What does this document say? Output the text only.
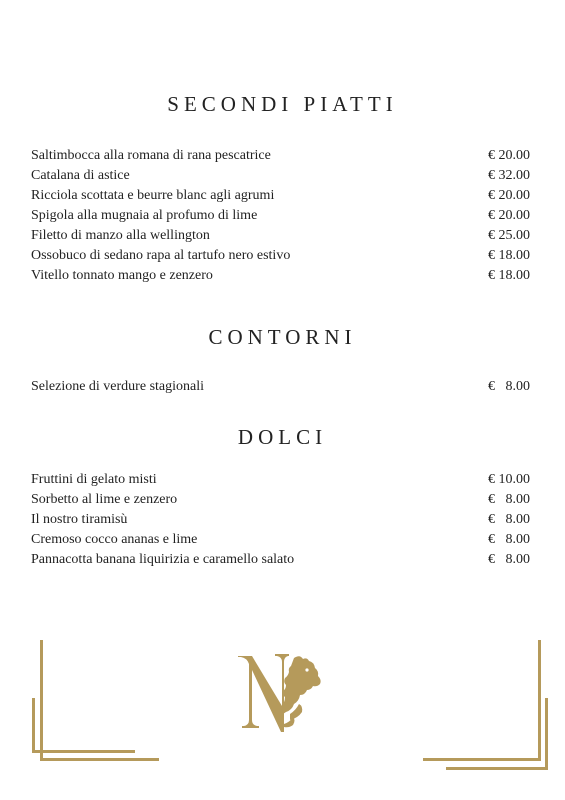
SECONDI PIATTI
Saltimbocca alla romana di rana pescatrice	€ 20.00
Catalana di astice	€ 32.00
Ricciola scottata e beurre blanc agli agrumi	€ 20.00
Spigola alla mugnaia al profumo di lime	€ 20.00
Filetto di manzo alla wellington	€ 25.00
Ossobuco di sedano rapa al tartufo nero estivo	€ 18.00
Vitello tonnato mango e zenzero	€ 18.00
CONTORNI
Selezione di verdure stagionali	€   8.00
DOLCI
Fruttini di gelato misti	€ 10.00
Sorbetto al lime e zenzero	€   8.00
Il nostro tiramisù	€   8.00
Cremoso cocco ananas e lime	€   8.00
Pannacotta banana liquirizia e caramello salato	€   8.00
